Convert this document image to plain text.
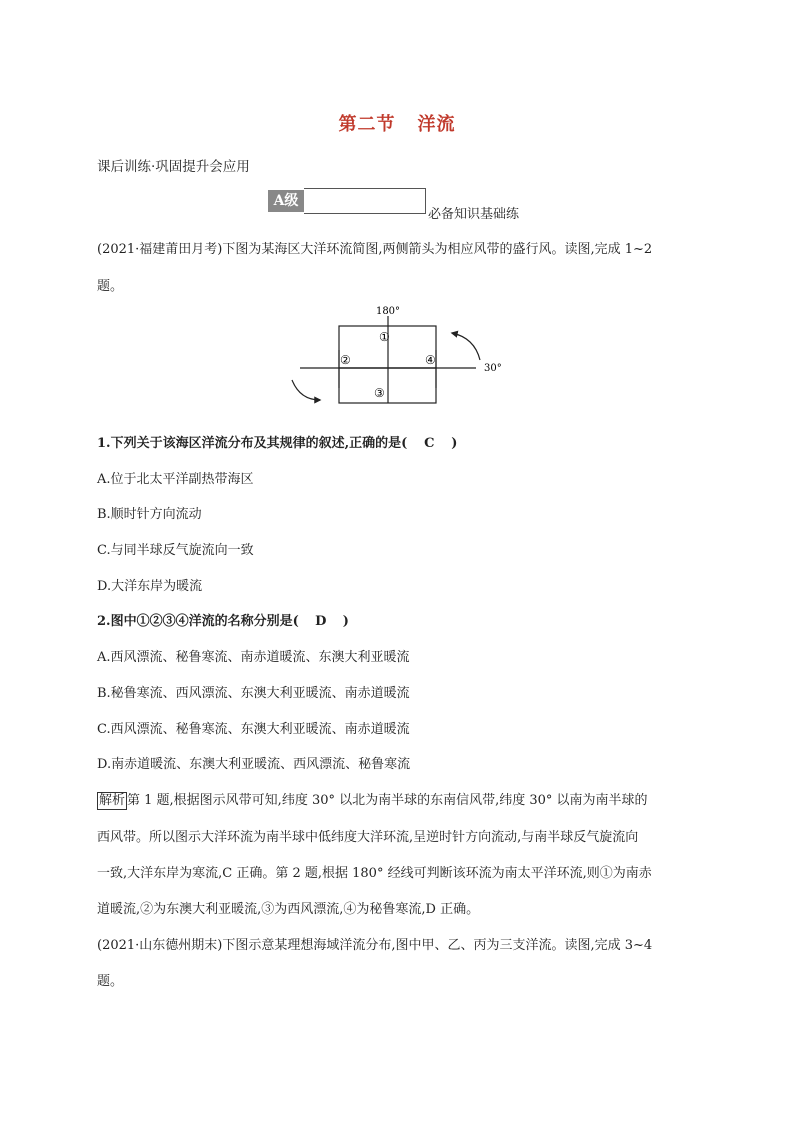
第二节 洋流
课后训练·巩固提升会应用
A级
必备知识基础练
(2021·福建莆田月考)下图为某海区大洋环流简图,两侧箭头为相应风带的盛行风。读图,完成 1~2
题。
180°
30°
①
②
③
④
1.下列关于该海区洋流分布及其规律的叙述,正确的是( C )
A.位于北太平洋副热带海区
B.顺时针方向流动
C.与同半球反气旋流向一致
D.大洋东岸为暖流
2.图中①②③④洋流的名称分别是( D )
A.西风漂流、秘鲁寒流、南赤道暖流、东澳大利亚暖流
B.秘鲁寒流、西风漂流、东澳大利亚暖流、南赤道暖流
C.西风漂流、秘鲁寒流、东澳大利亚暖流、南赤道暖流
D.南赤道暖流、东澳大利亚暖流、西风漂流、秘鲁寒流
解析 第 1 题,根据图示风带可知,纬度 30° 以北为南半球的东南信风带,纬度 30° 以南为南半球的
西风带。所以图示大洋环流为南半球中低纬度大洋环流,呈逆时针方向流动,与南半球反气旋流向
一致,大洋东岸为寒流,C 正确。第 2 题,根据 180° 经线可判断该环流为南太平洋环流,则①为南赤
道暖流,②为东澳大利亚暖流,③为西风漂流,④为秘鲁寒流,D 正确。
(2021·山东德州期末)下图示意某理想海域洋流分布,图中甲、乙、丙为三支洋流。读图,完成 3~4
题。
